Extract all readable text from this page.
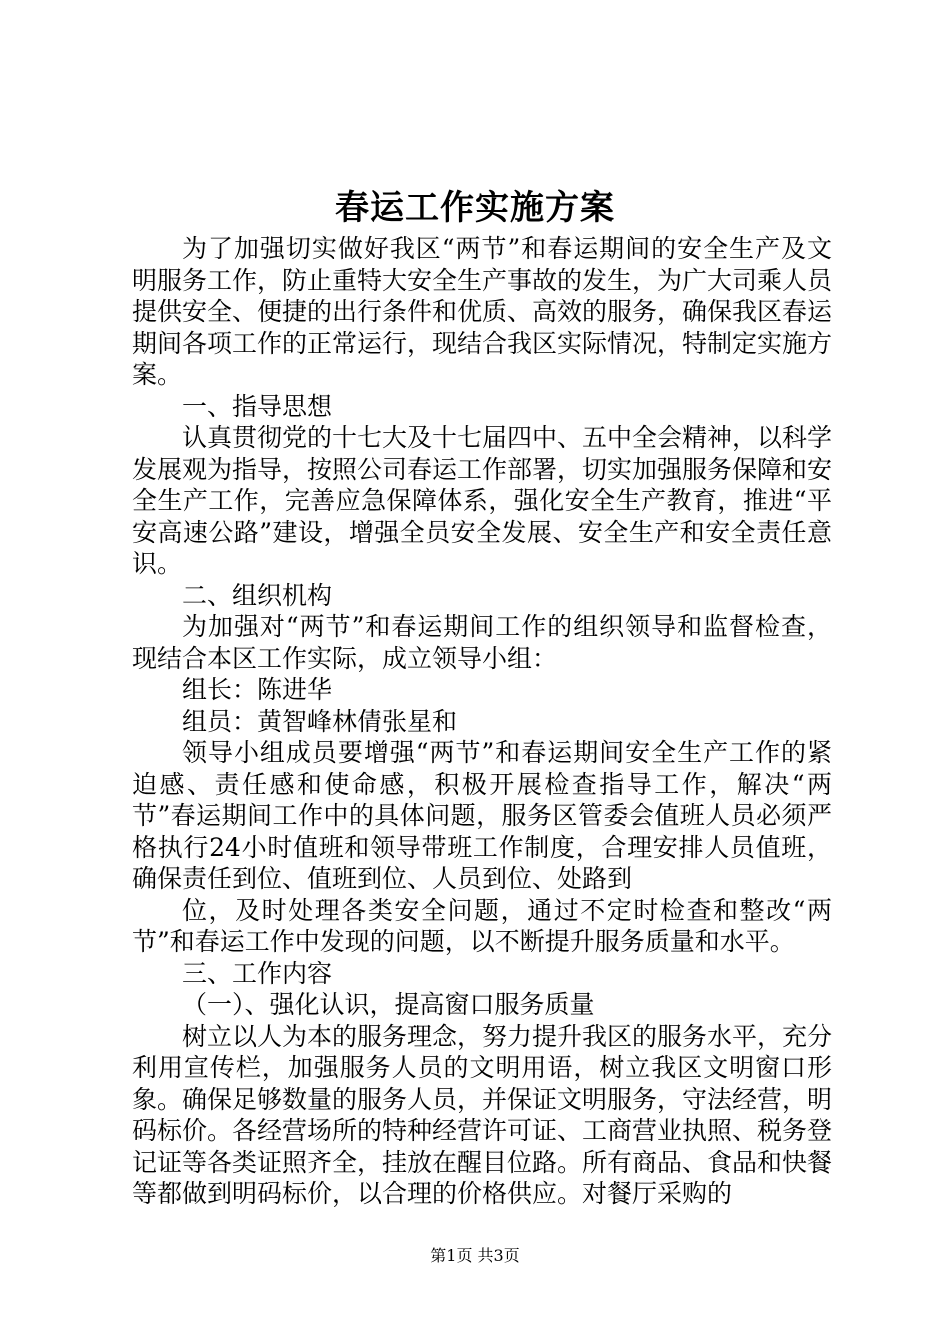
春运工作实施方案

为了加强切实做好我区“两节”和春运期间的安全生产及文明服务工作，防止重特大安全生产事故的发生，为广大司乘人员提供安全、便捷的出行条件和优质、高效的服务，确保我区春运期间各项工作的正常运行，现结合我区实际情况，特制定实施方案。

一、指导思想

认真贯彻党的十七大及十七届四中、五中全会精神，以科学发展观为指导，按照公司春运工作部署，切实加强服务保障和安全生产工作，完善应急保障体系，强化安全生产教育，推进“平安高速公路”建设，增强全员安全发展、安全生产和安全责任意识。

二、组织机构

为加强对“两节”和春运期间工作的组织领导和监督检查，现结合本区工作实际，成立领导小组：

组长：陈进华

组员：黄智峰林倩张星和

领导小组成员要增强“两节”和春运期间安全生产工作的紧迫感、责任感和使命感，积极开展检查指导工作，解决“两节”春运期间工作中的具体问题，服务区管委会值班人员必须严格执行24小时值班和领导带班工作制度，合理安排人员值班，确保责任到位、值班到位、人员到位、处路到

位，及时处理各类安全问题，通过不定时检查和整改“两节”和春运工作中发现的问题，以不断提升服务质量和水平。

三、工作内容

（一）、强化认识，提高窗口服务质量

树立以人为本的服务理念，努力提升我区的服务水平，充分利用宣传栏，加强服务人员的文明用语，树立我区文明窗口形象。确保足够数量的服务人员，并保证文明服务，守法经营，明码标价。各经营场所的特种经营许可证、工商营业执照、税务登记证等各类证照齐全，挂放在醒目位路。所有商品、食品和快餐等都做到明码标价，以合理的价格供应。对餐厅采购的

第1页 共3页
